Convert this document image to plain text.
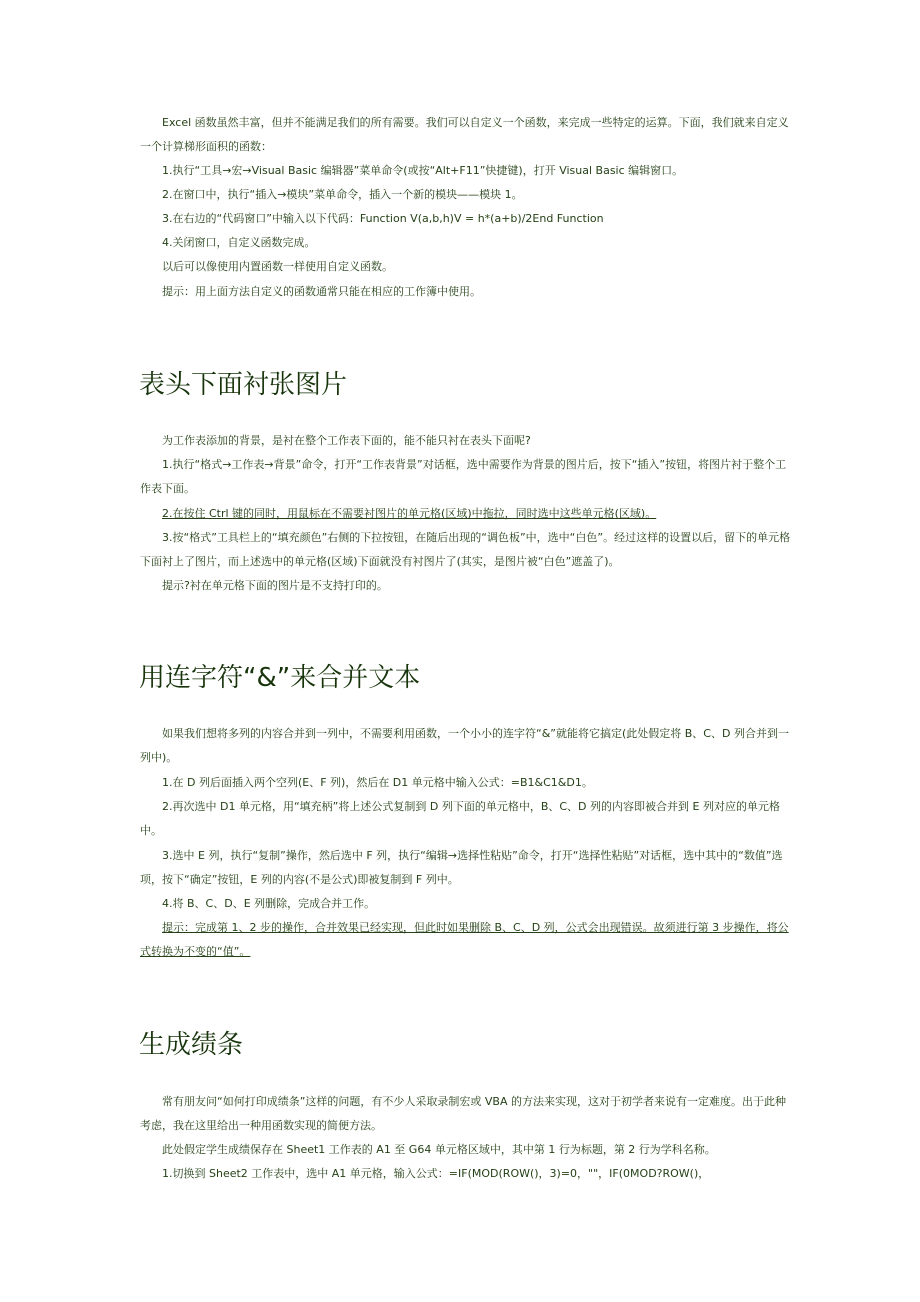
Excel 函数虽然丰富，但并不能满足我们的所有需要。我们可以自定义一个函数，来完成一些特定的运算。下面，我们就来自定义一个计算梯形面积的函数：

1.执行“工具→宏→Visual Basic 编辑器”菜单命令(或按“Alt+F11”快捷键)，打开 Visual Basic 编辑窗口。

2.在窗口中，执行“插入→模块”菜单命令，插入一个新的模块——模块 1。

3.在右边的“代码窗口”中输入以下代码：Function V(a,b,h)V = h*(a+b)/2End Function

4.关闭窗口，自定义函数完成。

以后可以像使用内置函数一样使用自定义函数。

提示：用上面方法自定义的函数通常只能在相应的工作簿中使用。

表头下面衬张图片

为工作表添加的背景，是衬在整个工作表下面的，能不能只衬在表头下面呢?

1.执行“格式→工作表→背景”命令，打开“工作表背景”对话框，选中需要作为背景的图片后，按下“插入”按钮，将图片衬于整个工作表下面。

2.在按住 Ctrl 键的同时，用鼠标在不需要衬图片的单元格(区域)中拖拉，同时选中这些单元格(区域)。

3.按“格式”工具栏上的“填充颜色”右侧的下拉按钮，在随后出现的“调色板”中，选中“白色”。经过这样的设置以后，留下的单元格下面衬上了图片，而上述选中的单元格(区域)下面就没有衬图片了(其实，是图片被“白色”遮盖了)。

提示?衬在单元格下面的图片是不支持打印的。

用连字符“&”来合并文本

如果我们想将多列的内容合并到一列中，不需要利用函数，一个小小的连字符“&”就能将它搞定(此处假定将 B、C、D 列合并到一列中)。

1.在 D 列后面插入两个空列(E、F 列)，然后在 D1 单元格中输入公式：=B1&C1&D1。

2.再次选中 D1 单元格，用“填充柄”将上述公式复制到 D 列下面的单元格中，B、C、D 列的内容即被合并到 E 列对应的单元格中。

3.选中 E 列，执行“复制”操作，然后选中 F 列，执行“编辑→选择性粘贴”命令，打开“选择性粘贴”对话框，选中其中的“数值”选项，按下“确定”按钮，E 列的内容(不是公式)即被复制到 F 列中。

4.将 B、C、D、E 列删除，完成合并工作。

提示：完成第 1、2 步的操作，合并效果已经实现，但此时如果删除 B、C、D 列，公式会出现错误。故须进行第 3 步操作，将公式转换为不变的“值”。

生成绩条

常有朋友问“如何打印成绩条”这样的问题，有不少人采取录制宏或 VBA 的方法来实现，这对于初学者来说有一定难度。出于此种考虑，我在这里给出一种用函数实现的简便方法。

此处假定学生成绩保存在 Sheet1 工作表的 A1 至 G64 单元格区域中，其中第 1 行为标题，第 2 行为学科名称。

1.切换到 Sheet2 工作表中，选中 A1 单元格，输入公式：=IF(MOD(ROW()，3)=0，""，IF(0MOD?ROW()，
